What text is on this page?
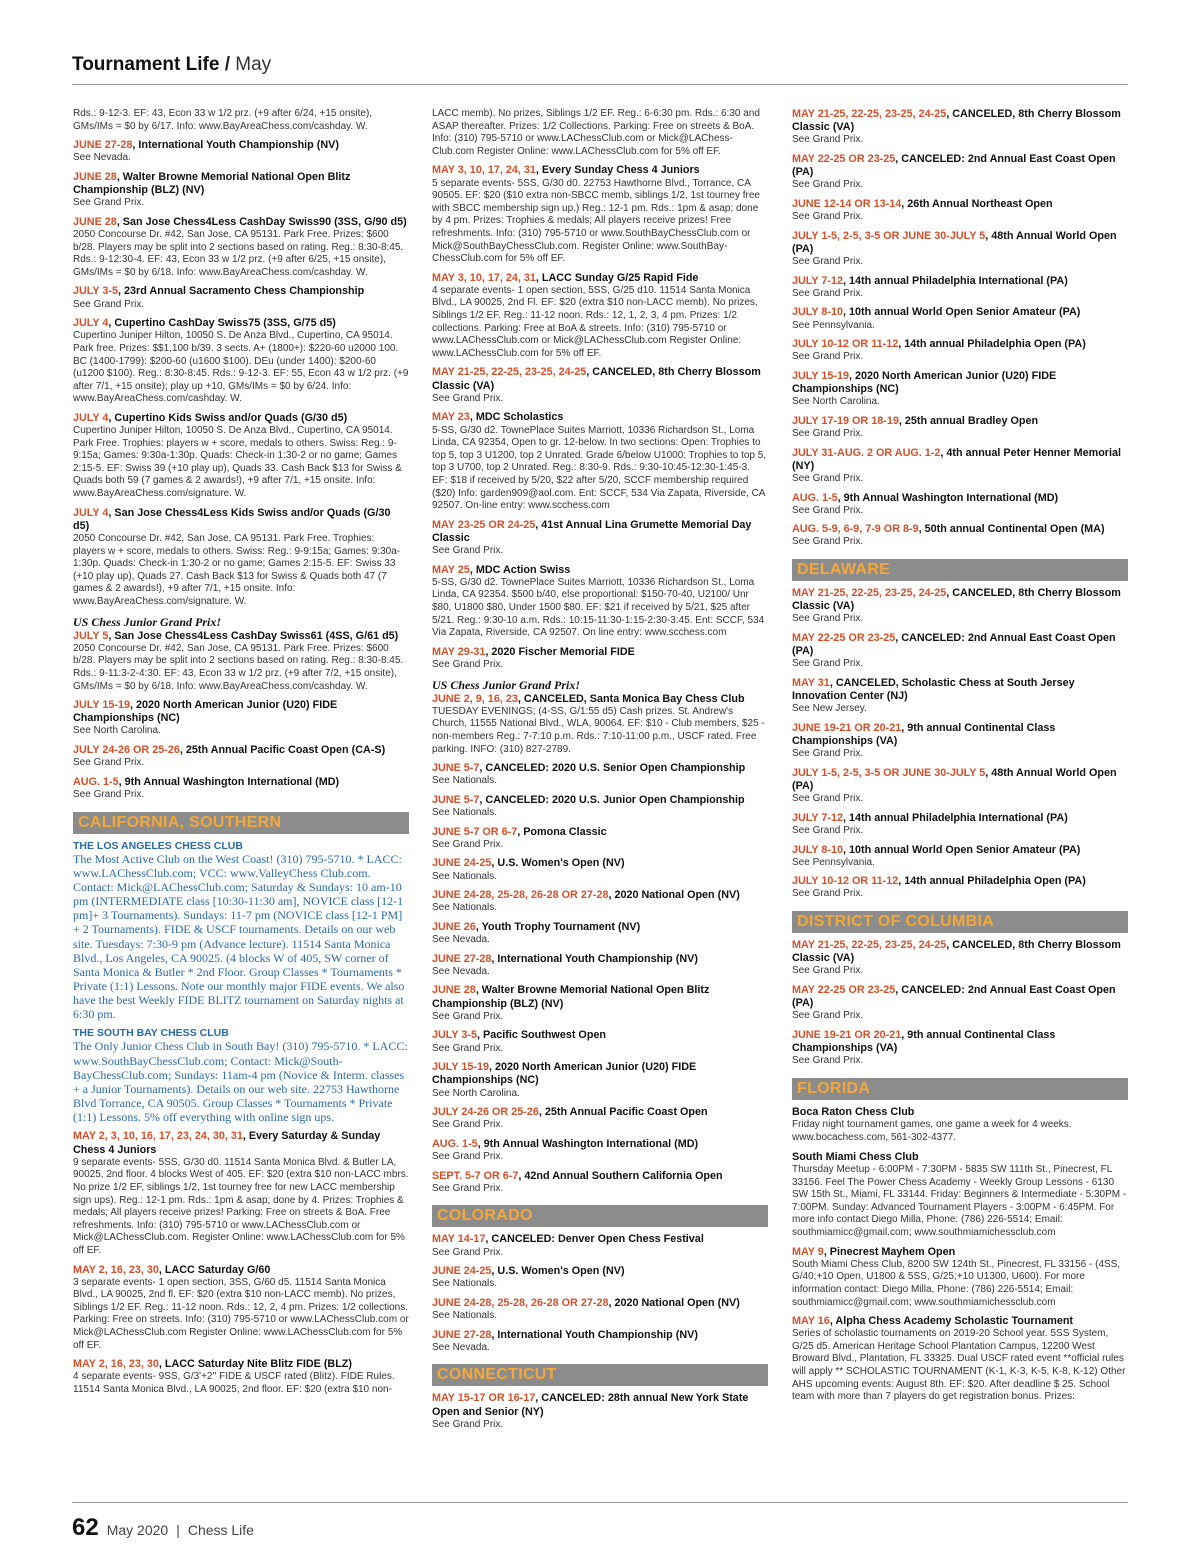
Tournament Life / May
Rds.: 9-12-3. EF: 43, Econ 33 w 1/2 prz. (+9 after 6/24, +15 onsite), GMs/IMs = $0 by 6/17. Info: www.BayAreaChess.com/cashday. W.
JUNE 27-28, International Youth Championship (NV)
See Nevada.
JUNE 28, Walter Browne Memorial National Open Blitz Championship (BLZ) (NV)
See Grand Prix.
JUNE 28, San Jose Chess4Less CashDay Swiss90 (3SS, G/90 d5)
2050 Concourse Dr. #42, San Jose, CA 95131. Park Free. Prizes: $600 b/28. Players may be split into 2 sections based on rating. Reg.: 8:30-8:45. Rds.: 9-12:30-4. EF: 43, Econ 33 w 1/2 prz. (+9 after 6/25, +15 onsite), GMs/IMs = $0 by 6/18. Info: www.BayAreaChess.com/cashday. W.
JULY 3-5, 23rd Annual Sacramento Chess Championship
See Grand Prix.
JULY 4, Cupertino CashDay Swiss75 (3SS, G/75 d5)
Cupertino Juniper Hilton, 10050 S. De Anza Blvd., Cupertino, CA 95014. Park free. Prizes: $$1,100 b/39. 3 sects. A+ (1800+): $220-60 u2000 100. BC (1400-1799): $200-60 (u1600 $100). DEu (under 1400): $200-60 (u1200 $100). Reg.: 8:30-8:45. Rds.: 9-12-3. EF: 55, Econ 43 w 1/2 prz. (+9 after 7/1, +15 onsite); play up +10, GMs/IMs = $0 by 6/24. Info: www.BayAreaChess.com/cashday. W.
JULY 4, Cupertino Kids Swiss and/or Quads (G/30 d5)
Cupertino Juniper Hilton, 10050 S. De Anza Blvd., Cupertino, CA 95014. Park Free. Trophies: players w + score, medals to others. Swiss: Reg.: 9-9:15a; Games: 9:30a-1:30p. Quads: Check-in 1:30-2 or no game; Games 2:15-5. EF: Swiss 39 (+10 play up), Quads 33. Cash Back $13 for Swiss & Quads both 59 (7 games & 2 awards!), +9 after 7/1, +15 onsite. Info: www.BayAreaChess.com/signature. W.
JULY 4, San Jose Chess4Less Kids Swiss and/or Quads (G/30 d5)
2050 Concourse Dr. #42, San Jose, CA 95131. Park Free. Trophies: players w + score, medals to others. Swiss: Reg.: 9-9:15a; Games: 9:30a-1:30p. Quads: Check-in 1:30-2 or no game; Games 2:15-5. EF: Swiss 33 (+10 play up), Quads 27. Cash Back $13 for Swiss & Quads both 47 (7 games & 2 awards!), +9 after 7/1, +15 onsite. Info: www.BayAreaChess.com/signature. W.
US Chess Junior Grand Prix!
JULY 5, San Jose Chess4Less CashDay Swiss61 (4SS, G/61 d5)
2050 Concourse Dr. #42, San Jose, CA 95131. Park Free. Prizes: $600 b/28. Players may be split into 2 sections based on rating. Reg.: 8:30-8:45. Rds.: 9-11:3-2-4:30. EF: 43, Econ 33 w 1/2 prz. (+9 after 7/2, +15 onsite), GMs/IMs = $0 by 6/18. Info: www.BayAreaChess.com/cashday. W.
JULY 15-19, 2020 North American Junior (U20) FIDE Championships (NC)
See North Carolina.
JULY 24-26 OR 25-26, 25th Annual Pacific Coast Open (CA-S)
See Grand Prix.
AUG. 1-5, 9th Annual Washington International (MD)
See Grand Prix.
CALIFORNIA, SOUTHERN
THE LOS ANGELES CHESS CLUB
The Most Active Club on the West Coast! (310) 795-5710. * LACC: www.LAChessClub.com; VCC: www.ValleyChess Club.com. Contact: Mick@LAChessClub.com; Saturday & Sundays: 10 am-10 pm (INTERMEDIATE class [10:30-11:30 am], NOVICE class [12-1 pm]+ 3 Tournaments). Sundays: 11-7 pm (NOVICE class [12-1 PM] + 2 Tournaments). FIDE & USCF tournaments. Details on our web site. Tuesdays: 7:30-9 pm (Advance lecture). 11514 Santa Monica Blvd., Los Angeles, CA 90025. (4 blocks W of 405, SW corner of Santa Monica & Butler * 2nd Floor. Group Classes * Tournaments * Private (1:1) Lessons. Note our monthly major FIDE events. We also have the best Weekly FIDE BLITZ tournament on Saturday nights at 6:30 pm.
THE SOUTH BAY CHESS CLUB
The Only Junior Chess Club in South Bay! (310) 795-5710. * LACC: www.SouthBayChessClub.com; Contact: Mick@South-BayChessClub.com; Sundays: 11am-4 pm (Novice & Interm. classes + a Junior Tournaments). Details on our web site. 22753 Hawthorne Blvd Torrance, CA 90505. Group Classes * Tournaments * Private (1:1) Lessons. 5% off everything with online sign ups.
MAY 2, 3, 10, 16, 17, 23, 24, 30, 31, Every Saturday & Sunday Chess 4 Juniors
9 separate events- 5SS, G/30 d0. 11514 Santa Monica Blvd. & Butler LA, 90025, 2nd floor. 4 blocks West of 405. EF: $20 (extra $10 non-LACC mbrs. No prize 1/2 EF, siblings 1/2, 1st tourney free for new LACC membership sign ups). Reg.: 12-1 pm. Rds.: 1pm & asap; done by 4. Prizes: Trophies & medals; All players receive prizes! Parking: Free on streets & BoA. Free refreshments. Info: (310) 795-5710 or www.LAChessClub.com or Mick@LAChessClub.com. Register Online: www.LAChessClub.com for 5% off EF.
MAY 2, 16, 23, 30, LACC Saturday G/60
3 separate events- 1 open section, 3SS, G/60 d5. 11514 Santa Monica Blvd., LA 90025, 2nd fl. EF: $20 (extra $10 non-LACC memb). No prizes, Siblings 1/2 EF. Reg.: 11-12 noon. Rds.: 12, 2, 4 pm. Prizes: 1/2 collections. Parking: Free on streets. Info: (310) 795-5710 or www.LAChessClub.com or Mick@LAChessClub.com Register Online: www.LAChessClub.com for 5% off EF.
MAY 2, 16, 23, 30, LACC Saturday Nite Blitz FIDE (BLZ)
4 separate events- 9SS, G/3'+2'' FIDE & USCF rated (Blitz). FIDE Rules. 11514 Santa Monica Blvd., LA 90025, 2nd floor. EF: $20 (extra $10 non-
LACC memb). No prizes, Siblings 1/2 EF. Reg.: 6-6:30 pm. Rds.: 6:30 and ASAP thereafter. Prizes: 1/2 Collections. Parking: Free on streets & BoA. Info: (310) 795-5710 or www.LAChessClub.com or Mick@LAChess-Club.com Register Online: www.LAChessClub.com for 5% off EF.
MAY 3, 10, 17, 24, 31, Every Sunday Chess 4 Juniors
5 separate events- 5SS, G/30 d0. 22753 Hawthorne Blvd., Torrance, CA 90505. EF: $20 ($10 extra non-SBCC memb, siblings 1/2, 1st tourney free with SBCC membership sign up.) Reg.: 12-1 pm. Rds.: 1pm & asap; done by 4 pm. Prizes: Trophies & medals; All players receive prizes! Free refreshments. Info: (310) 795-5710 or www.SouthBayChessClub.com or Mick@SouthBayChessClub.com. Register Online: www.SouthBay-ChessClub.com for 5% off EF.
MAY 3, 10, 17, 24, 31, LACC Sunday G/25 Rapid Fide
4 separate events- 1 open section, 5SS, G/25 d10. 11514 Santa Monica Blvd., LA 90025, 2nd Fl. EF: $20 (extra $10 non-LACC memb). No prizes, Siblings 1/2 EF. Reg.: 11-12 noon. Rds.: 12, 1, 2, 3, 4 pm. Prizes: 1/2 collections. Parking: Free at BoA & streets. Info: (310) 795-5710 or www.LAChessClub.com or Mick@LAChessClub.com Register Online: www.LAChessClub.com for 5% off EF.
MAY 21-25, 22-25, 23-25, 24-25, CANCELED, 8th Cherry Blossom Classic (VA)
See Grand Prix.
MAY 23, MDC Scholastics
5-SS, G/30 d2. TownePlace Suites Marriott, 10336 Richardson St., Loma Linda, CA 92354, Open to gr. 12-below. In two sections: Open: Trophies to top 5, top 3 U1200, top 2 Unrated. Grade 6/below U1000: Trophies to top 5, top 3 U700, top 2 Unrated. Reg.: 8:30-9. Rds.: 9:30-10:45-12:30-1:45-3. EF: $18 if received by 5/20, $22 after 5/20, SCCF membership required ($20) Info: garden909@aol.com. Ent: SCCF, 534 Via Zapata, Riverside, CA 92507. On-line entry: www.scchess.com
MAY 23-25 OR 24-25, 41st Annual Lina Grumette Memorial Day Classic
See Grand Prix.
MAY 25, MDC Action Swiss
5-SS, G/30 d2. TownePlace Suites Marriott, 10336 Richardson St., Loma Linda, CA 92354. $500 b/40, else proportional: $150-70-40, U2100/ Unr $80, U1800 $80, Under 1500 $80. EF: $21 if received by 5/21, $25 after 5/21. Reg.: 9:30-10 a.m. Rds.: 10:15-11:30-1:15-2:30-3:45. Ent: SCCF, 534 Via Zapata, Riverside, CA 92507. On line entry: www.scchess.com
MAY 29-31, 2020 Fischer Memorial FIDE
See Grand Prix.
US Chess Junior Grand Prix!
JUNE 2, 9, 16, 23, CANCELED, Santa Monica Bay Chess Club
TUESDAY EVENINGS; (4-SS, G/1:55 d5) Cash prizes. St. Andrew's Church, 11555 National Blvd., WLA, 90064. EF: $10 - Club members, $25 - non-members Reg.: 7-7:10 p.m. Rds.: 7:10-11:00 p.m., USCF rated. Free parking. INFO: (310) 827-2789.
JUNE 5-7, CANCELED: 2020 U.S. Senior Open Championship
See Nationals.
JUNE 5-7, CANCELED: 2020 U.S. Junior Open Championship
See Nationals.
JUNE 5-7 OR 6-7, Pomona Classic
See Grand Prix.
JUNE 24-25, U.S. Women's Open (NV)
See Nationals.
JUNE 24-28, 25-28, 26-28 OR 27-28, 2020 National Open (NV)
See Nationals.
JUNE 26, Youth Trophy Tournament (NV)
See Nevada.
JUNE 27-28, International Youth Championship (NV)
See Nevada.
JUNE 28, Walter Browne Memorial National Open Blitz Championship (BLZ) (NV)
See Grand Prix.
JULY 3-5, Pacific Southwest Open
See Grand Prix.
JULY 15-19, 2020 North American Junior (U20) FIDE Championships (NC)
See North Carolina.
JULY 24-26 OR 25-26, 25th Annual Pacific Coast Open
See Grand Prix.
AUG. 1-5, 9th Annual Washington International (MD)
See Grand Prix.
SEPT. 5-7 OR 6-7, 42nd Annual Southern California Open
See Grand Prix.
COLORADO
MAY 14-17, CANCELED: Denver Open Chess Festival
See Grand Prix.
JUNE 24-25, U.S. Women's Open (NV)
See Nationals.
JUNE 24-28, 25-28, 26-28 OR 27-28, 2020 National Open (NV)
See Nationals.
JUNE 27-28, International Youth Championship (NV)
See Nevada.
CONNECTICUT
MAY 15-17 OR 16-17, CANCELED: 28th annual New York State Open and Senior (NY)
See Grand Prix.
MAY 21-25, 22-25, 23-25, 24-25, CANCELED, 8th Cherry Blossom Classic (VA)
See Grand Prix.
MAY 22-25 OR 23-25, CANCELED: 2nd Annual East Coast Open (PA)
See Grand Prix.
JUNE 12-14 OR 13-14, 26th Annual Northeast Open
See Grand Prix.
JULY 1-5, 2-5, 3-5 OR JUNE 30-JULY 5, 48th Annual World Open (PA)
See Grand Prix.
JULY 7-12, 14th annual Philadelphia International (PA)
See Grand Prix.
JULY 8-10, 10th annual World Open Senior Amateur (PA)
See Pennsylvania.
JULY 10-12 OR 11-12, 14th annual Philadelphia Open (PA)
See Grand Prix.
JULY 15-19, 2020 North American Junior (U20) FIDE Championships (NC)
See North Carolina.
JULY 17-19 OR 18-19, 25th annual Bradley Open
See Grand Prix.
JULY 31-AUG. 2 OR AUG. 1-2, 4th annual Peter Henner Memorial (NY)
See Grand Prix.
AUG. 1-5, 9th Annual Washington International (MD)
See Grand Prix.
AUG. 5-9, 6-9, 7-9 OR 8-9, 50th annual Continental Open (MA)
See Grand Prix.
DELAWARE
MAY 21-25, 22-25, 23-25, 24-25, CANCELED, 8th Cherry Blossom Classic (VA)
See Grand Prix.
MAY 22-25 OR 23-25, CANCELED: 2nd Annual East Coast Open (PA)
See Grand Prix.
MAY 31, CANCELED, Scholastic Chess at South Jersey Innovation Center (NJ)
See New Jersey.
JUNE 19-21 OR 20-21, 9th annual Continental Class Championships (VA)
See Grand Prix.
JULY 1-5, 2-5, 3-5 OR JUNE 30-JULY 5, 48th Annual World Open (PA)
See Grand Prix.
JULY 7-12, 14th annual Philadelphia International (PA)
See Grand Prix.
JULY 8-10, 10th annual World Open Senior Amateur (PA)
See Pennsylvania.
JULY 10-12 OR 11-12, 14th annual Philadelphia Open (PA)
See Grand Prix.
DISTRICT OF COLUMBIA
MAY 21-25, 22-25, 23-25, 24-25, CANCELED, 8th Cherry Blossom Classic (VA)
See Grand Prix.
MAY 22-25 OR 23-25, CANCELED: 2nd Annual East Coast Open (PA)
See Grand Prix.
JUNE 19-21 OR 20-21, 9th annual Continental Class Championships (VA)
See Grand Prix.
FLORIDA
Boca Raton Chess Club
Friday night tournament games, one game a week for 4 weeks. www.bocachess.com, 561-302-4377.
South Miami Chess Club
Thursday Meetup - 6:00PM - 7:30PM - 5835 SW 111th St., Pinecrest, FL 33156. Feel The Power Chess Academy - Weekly Group Lessons - 6130 SW 15th St., Miami, FL 33144. Friday: Beginners & Intermediate - 5:30PM - 7:00PM. Sunday: Advanced Tournament Players - 3:00PM - 6:45PM. For more info contact Diego Milla, Phone: (786) 226-5514; Email: southmiamicc@gmail.com; www.southmiamichessclub.com
MAY 9, Pinecrest Mayhem Open
South Miami Chess Club, 8200 SW 124th St., Pinecrest, FL 33156 - (4SS, G/40;+10 Open, U1800 & 5SS, G/25;+10 U1300, U600). For more information contact: Diego Milla, Phone: (786) 226-5514; Email: southmiamicc@gmail.com; www.southmiamichessclub.com
MAY 16, Alpha Chess Academy Scholastic Tournament
Series of scholastic tournaments on 2019-20 School year. 5SS System, G/25 d5. American Heritage School Plantation Campus, 12200 West Broward Blvd., Plantation, FL 33325. Dual USCF rated event **official rules will apply ** SCHOLASTIC TOURNAMENT (K-1, K-3, K-5, K-8, K-12) Other AHS upcoming events: August 8th. EF: $20. After deadline $ 25. School team with more than 7 players do get registration bonus. Prizes:
62 May 2020 | Chess Life
